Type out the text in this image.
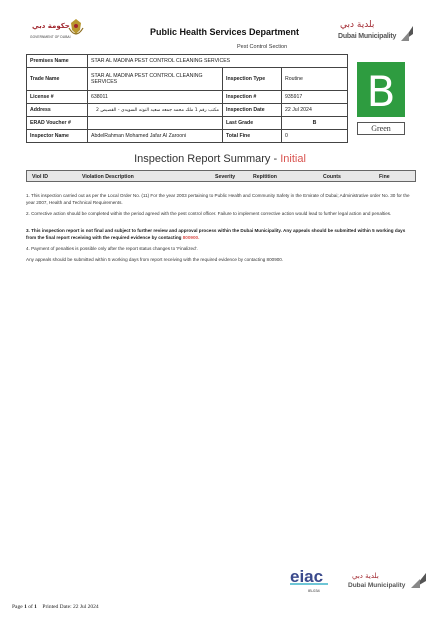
حكومة دبي
GOVERNMENT OF DUBAI	Public Health Services Department
Pest Control Section
بلدية دبي
Dubai Municipality
Premises Name	STAR AL MADINA PEST CONTROL CLEANING SERVICES		
Trade Name	STAR AL MADINA PEST CONTROL CLEANING SERVICES	Inspection Type	Routine
License #	638011	Inspection #	935917
Address	مكتب رقم 1 ملك محمد جمعه سعيد النونه السويدي - القصيص 2	Inspection Date	22 Jul 2024
ERAD Voucher #		Last Grade	B
Inspector Name	AbdelRahman Mohamed Jafar Al Zarooni	Total Fine	0
B
Green
Inspection Report Summary - Initial
Viol ID	Violation Description	Severity	Repitition	Counts	Fine
1. This inspection carried out as per the Local Order No. (11) For the year 2003 pertaining to Public Health and Community Safety in the Emirate of Dubai; Administrative order No. 30 for the year 2007, Health and Technical Requirements.
2. Corrective action should be completed within the period agreed with the pest control officer. Failure to implement corrective action would lead to further legal action and penalties.
3. This inspection report is not final and subject to further review and approval process within the Dubai Municipality. Any appeals should be submitted within 5 working days from the final report receiving with the required evidence by contacting 800900.
4. Payment of penalties is possible only after the report status changes to 'Finalized'.
Any appeals should be submitted within 5 working days from report receiving with the required evidence by contacting 800900.
eiac
IB-034
بلدية دبي
Dubai Municipality
Page 1 of 1 Printed Date: 22 Jul 2024
